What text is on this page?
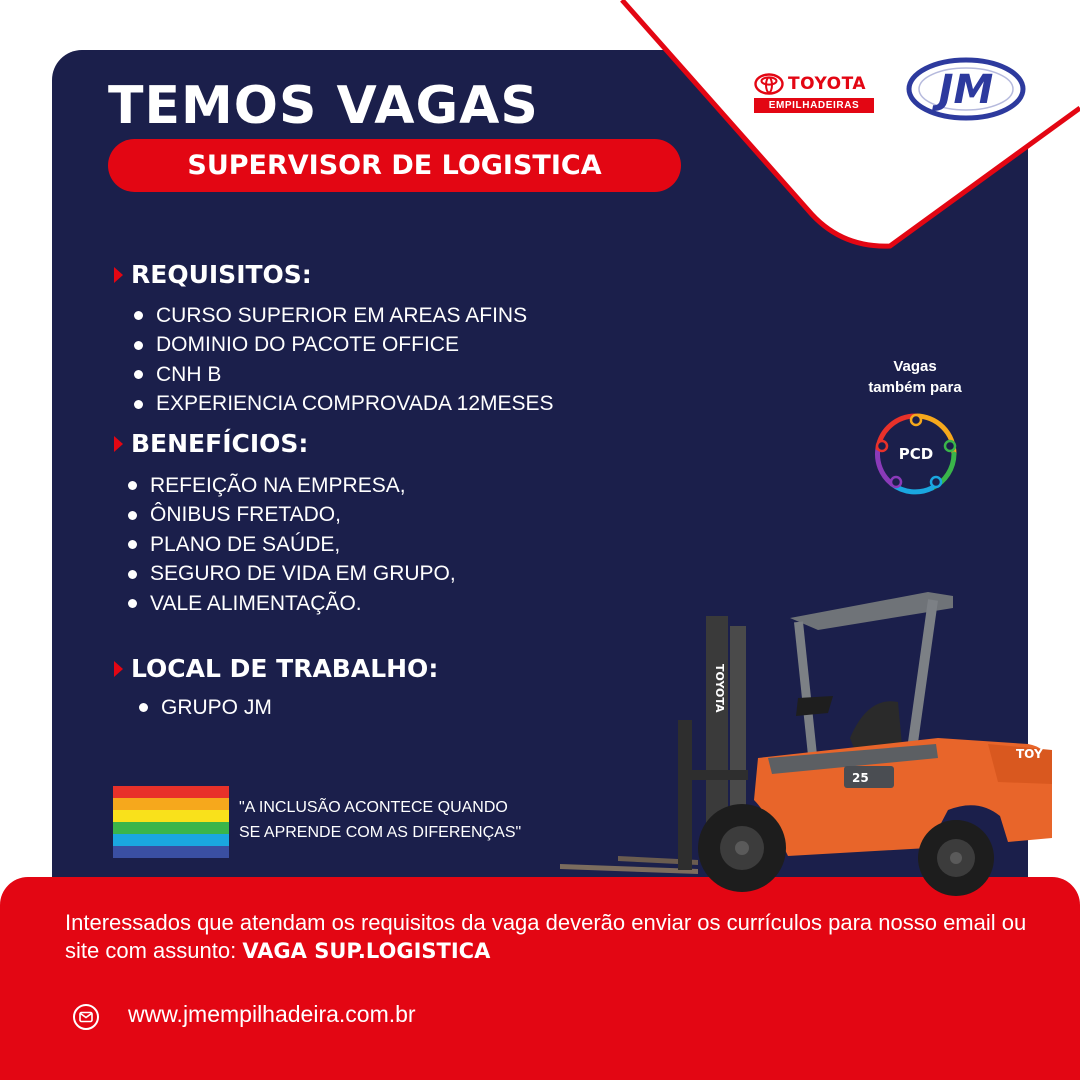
TEMOS VAGAS
SUPERVISOR DE LOGISTICA
TOYOTA
EMPILHADEIRAS	JM
REQUISITOS:
CURSO SUPERIOR EM AREAS AFINS
DOMINIO DO PACOTE OFFICE
CNH B
EXPERIENCIA COMPROVADA 12MESES
BENEFÍCIOS:
REFEIÇÃO NA EMPRESA,
ÔNIBUS FRETADO,
PLANO DE SAÚDE,
SEGURO DE VIDA EM GRUPO,
VALE ALIMENTAÇÃO.
LOCAL DE TRABALHO:
GRUPO JM
Vagas
também para
PCD
"A INCLUSÃO ACONTECE QUANDO
SE APRENDE COM AS DIFERENÇAS"
Interessados que atendam os requisitos da vaga deverão enviar os currículos para nosso email ou site com assunto: VAGA SUP.LOGISTICA
www.jmempilhadeira.com.br
TOYOTA
TOY
25
